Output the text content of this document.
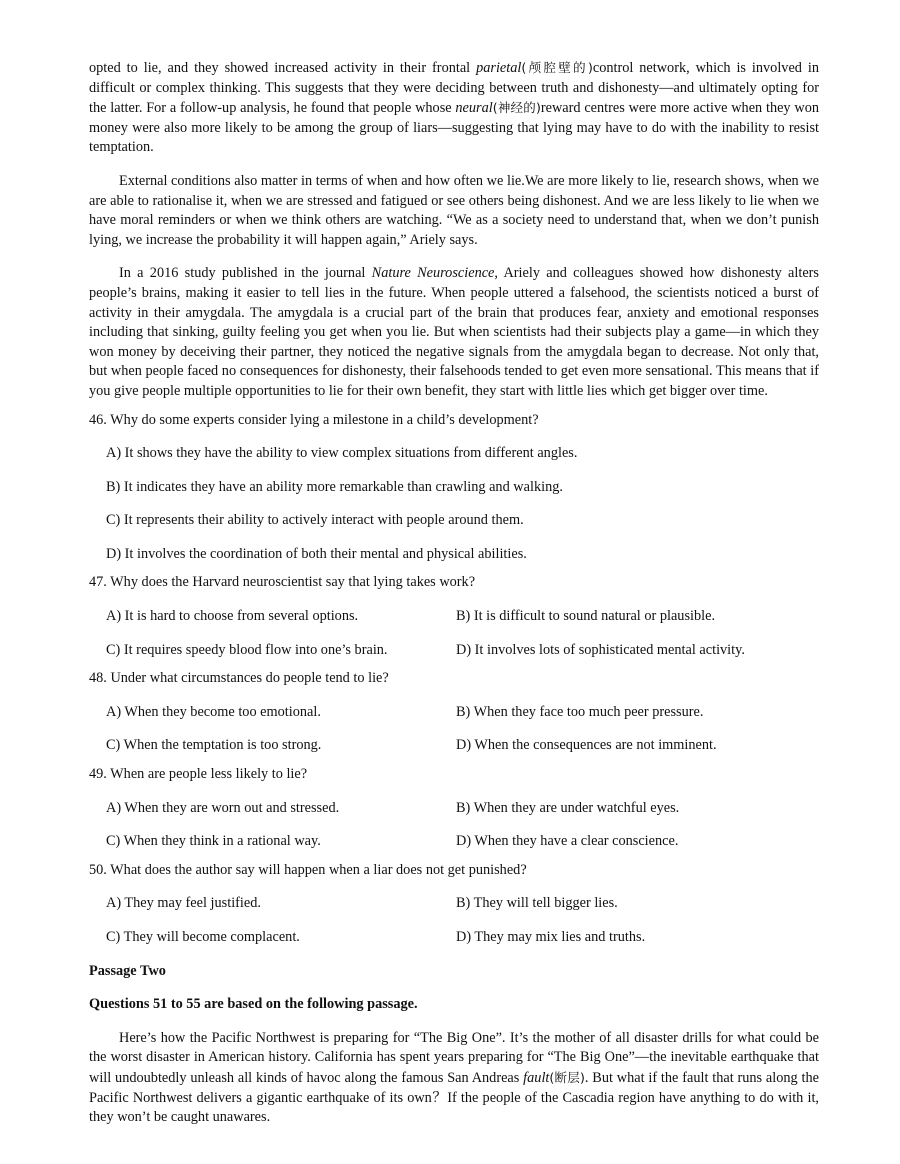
opted to lie, and they showed increased activity in their frontal parietal(颅腔壁的)control network, which is involved in difficult or complex thinking. This suggests that they were deciding between truth and dishonesty—and ultimately opting for the latter. For a follow-up analysis, he found that people whose neural(神经的)reward centres were more active when they won money were also more likely to be among the group of liars—suggesting that lying may have to do with the inability to resist temptation.

External conditions also matter in terms of when and how often we lie.We are more likely to lie, research shows, when we are able to rationalise it, when we are stressed and fatigued or see others being dishonest. And we are less likely to lie when we have moral reminders or when we think others are watching. “We as a society need to understand that, when we don’t punish lying, we increase the probability it will happen again,” Ariely says.

In a 2016 study published in the journal Nature Neuroscience, Ariely and colleagues showed how dishonesty alters people’s brains, making it easier to tell lies in the future. When people uttered a falsehood, the scientists noticed a burst of activity in their amygdala. The amygdala is a crucial part of the brain that produces fear, anxiety and emotional responses including that sinking, guilty feeling you get when you lie. But when scientists had their subjects play a game—in which they won money by deceiving their partner, they noticed the negative signals from the amygdala began to decrease. Not only that, but when people faced no consequences for dishonesty, their falsehoods tended to get even more sensational. This means that if you give people multiple opportunities to lie for their own benefit, they start with little lies which get bigger over time.

46. Why do some experts consider lying a milestone in a child’s development?

A) It shows they have the ability to view complex situations from different angles.
B) It indicates they have an ability more remarkable than crawling and walking.
C) It represents their ability to actively interact with people around them.
D) It involves the coordination of both their mental and physical abilities.

47. Why does the Harvard neuroscientist say that lying takes work?

A) It is hard to choose from several options.	B) It is difficult to sound natural or plausible.
C) It requires speedy blood flow into one’s brain.	D) It involves lots of sophisticated mental activity.

48. Under what circumstances do people tend to lie?

A) When they become too emotional.	B) When they face too much peer pressure.
C) When the temptation is too strong.	D) When the consequences are not imminent.

49. When are people less likely to lie?

A) When they are worn out and stressed.	B) When they are under watchful eyes.
C) When they think in a rational way.	D) When they have a clear conscience.

50. What does the author say will happen when a liar does not get punished?

A) They may feel justified.	B) They will tell bigger lies.
C) They will become complacent.	D) They may mix lies and truths.

Passage Two

Questions 51 to 55 are based on the following passage.

Here’s how the Pacific Northwest is preparing for “The Big One”. It’s the mother of all disaster drills for what could be the worst disaster in American history. California has spent years preparing for “The Big One”—the inevitable earthquake that will undoubtedly unleash all kinds of havoc along the famous San Andreas fault(断层). But what if the fault that runs along the Pacific Northwest delivers a gigantic earthquake of its own？If the people of the Cascadia region have anything to do with it, they won’t be caught unawares.
